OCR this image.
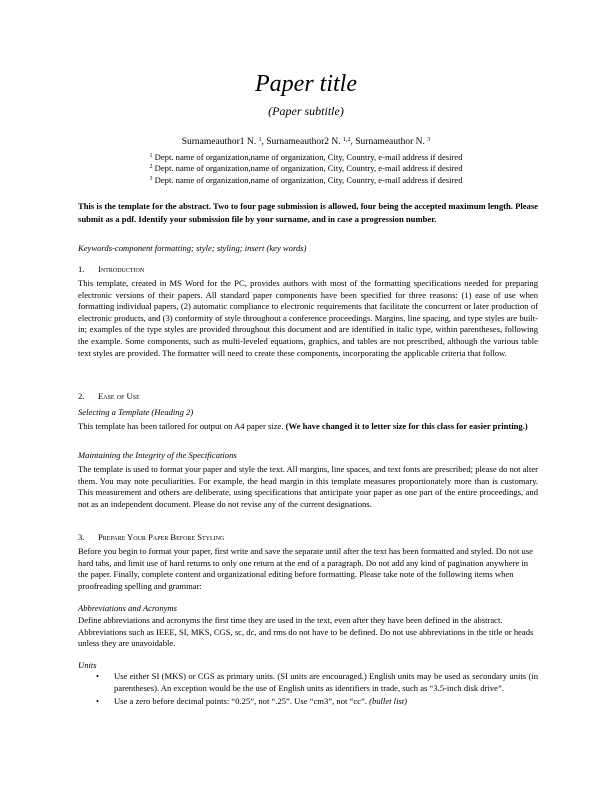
Paper title
(Paper subtitle)
Surnameauthor1 N. $^1$, Surnameauthor2 N. $^{1,2}$, Surnameauthor N. $^3$
$^1$ Dept. name of organization,name of organization, City, Country, e-mail address if desired
$^2$ Dept. name of organization,name of organization, City, Country, e-mail address if desired
$^3$ Dept. name of organization,name of organization, City, Country, e-mail address if desired
This is the template for the abstract. Two to four page submission is allowed, four being the accepted maximum length. Please submit as a pdf. Identify your submission file by your surname, and in case a progression number.
Keywords-component formatting; style; styling; insert (key words)
1. Introduction

This template, created in MS Word for the PC, provides authors with most of the formatting specifications needed for preparing electronic versions of their papers. All standard paper components have been specified for three reasons: (1) ease of use when formatting individual papers, (2) automatic compliance to electronic requirements that facilitate the concurrent or later production of electronic products, and (3) conformity of style throughout a conference proceedings. Margins, line spacing, and type styles are built-in; examples of the type styles are provided throughout this document and are identified in italic type, within parentheses, following the example. Some components, such as multi-leveled equations, graphics, and tables are not prescribed, although the various table text styles are provided. The formatter will need to create these components, incorporating the applicable criteria that follow.

2. Ease of Use
Selecting a Template (Heading 2)

This template has been tailored for output on A4 paper size. (We have changed it to letter size for this class for easier printing.)

Maintaining the Integrity of the Specifications

The template is used to format your paper and style the text. All margins, line spaces, and text fonts are prescribed; please do not alter them. You may note peculiarities. For example, the head margin in this template measures proportionately more than is customary. This measurement and others are deliberate, using specifications that anticipate your paper as one part of the entire proceedings, and not as an independent document. Please do not revise any of the current designations.

3. Prepare Your Paper Before Styling

Before you begin to format your paper, first write and save the separate until after the text has been formatted and styled. Do not use hard tabs, and limit use of hard returns to only one return at the end of a paragraph. Do not add any kind of pagination anywhere in the paper. Finally, complete content and organizational editing before formatting. Please take note of the following items when proofreading spelling and grammar:

Abbreviations and Acronyms

Define abbreviations and acronyms the first time they are used in the text, even after they have been defined in the abstract. Abbreviations such as IEEE, SI, MKS, CGS, sc, dc, and rms do not have to be defined. Do not use abbreviations in the title or heads unless they are unavoidable.

Units
• Use either SI (MKS) or CGS as primary units. (SI units are encouraged.) English units may be used as secondary units (in parentheses). An exception would be the use of English units as identifiers in trade, such as “3.5-inch disk drive”.
• Use a zero before decimal points: “0.25”, not “.25”. Use “cm3”, not “cc”. (bullet list)
